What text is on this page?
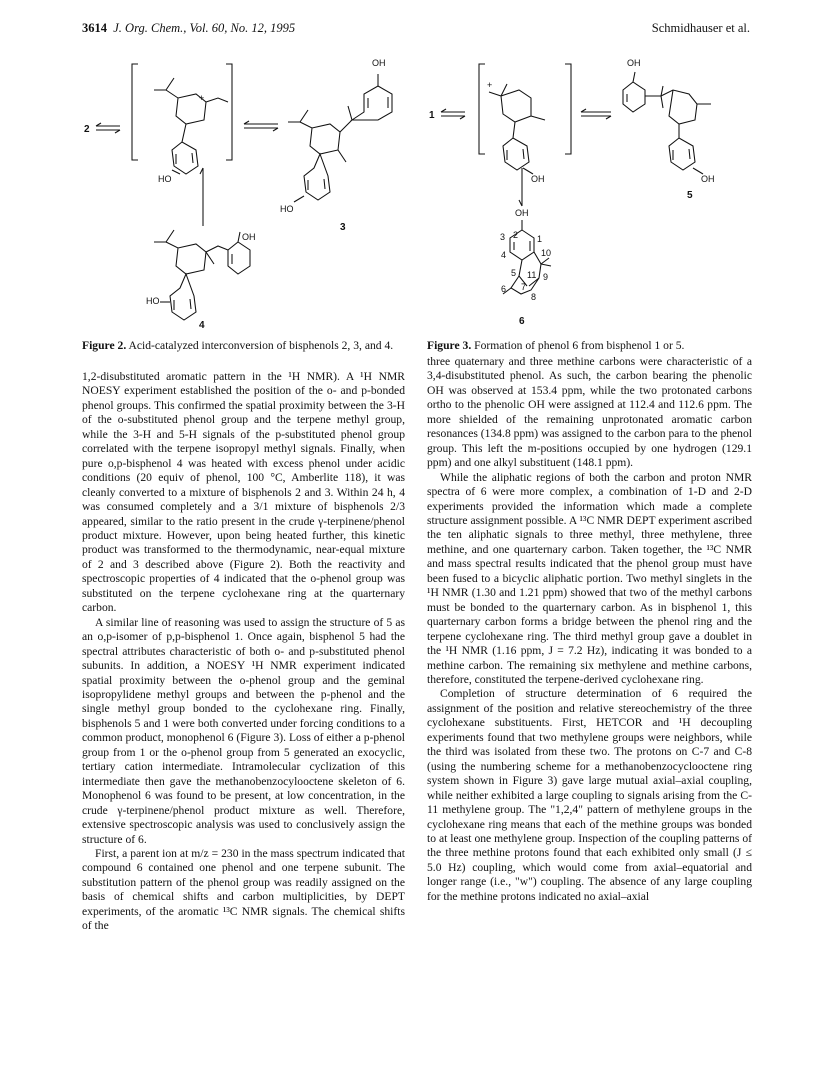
3614 J. Org. Chem., Vol. 60, No. 12, 1995	Schmidhauser et al.
2
+
HO
OH
HO
3
OH
HO
4
Figure 2. Acid-catalyzed interconversion of bisphenols 2, 3, and 4.
1
+
OH
OH
OH
5
OH
2
3	1
4	10
5 11 9
6 7
8
6
Figure 3. Formation of phenol 6 from bisphenol 1 or 5.

1,2-disubstituted aromatic pattern in the ¹H NMR). A ¹H NMR NOESY experiment established the position of the o- and p-bonded phenol groups. This confirmed the spatial proximity between the 3-H of the o-substituted phenol group and the terpene methyl group, while the 3-H and 5-H signals of the p-substituted phenol group correlated with the terpene isopropyl methyl signals. Finally, when pure o,p-bisphenol 4 was heated with excess phenol under acidic conditions (20 equiv of phenol, 100 °C, Amberlite 118), it was cleanly converted to a mixture of bisphenols 2 and 3. Within 24 h, 4 was consumed completely and a 3/1 mixture of bisphenols 2/3 appeared, similar to the ratio present in the crude γ-terpinene/phenol product mixture. However, upon being heated further, this kinetic product was transformed to the thermodynamic, near-equal mixture of 2 and 3 described above (Figure 2). Both the reactivity and spectroscopic properties of 4 indicated that the o-phenol group was substituted on the terpene cyclohexane ring at the quarternary carbon.

A similar line of reasoning was used to assign the structure of 5 as an o,p-isomer of p,p-bisphenol 1. Once again, bisphenol 5 had the spectral attributes characteristic of both o- and p-substituted phenol subunits. In addition, a NOESY ¹H NMR experiment indicated spatial proximity between the o-phenol group and the geminal isopropylidene methyl groups and between the p-phenol and the single methyl group bonded to the cyclohexane ring. Finally, bisphenols 5 and 1 were both converted under forcing conditions to a common product, monophenol 6 (Figure 3). Loss of either a p-phenol group from 1 or the o-phenol group from 5 generated an exocyclic, tertiary cation intermediate. Intramolecular cyclization of this intermediate then gave the methanobenzocylooctene skeleton of 6. Monophenol 6 was found to be present, at low concentration, in the crude γ-terpinene/phenol product mixture as well. Therefore, extensive spectroscopic analysis was used to conclusively assign the structure of 6.

First, a parent ion at m/z = 230 in the mass spectrum indicated that compound 6 contained one phenol and one terpene subunit. The substitution pattern of the phenol group was readily assigned on the basis of chemical shifts and carbon multiplicities, by DEPT experiments, of the aromatic ¹³C NMR signals. The chemical shifts of the

three quaternary and three methine carbons were characteristic of a 3,4-disubstituted phenol. As such, the carbon bearing the phenolic OH was observed at 153.4 ppm, while the two protonated carbons ortho to the phenolic OH were assigned at 112.4 and 112.6 ppm. The more shielded of the remaining unprotonated aromatic carbon resonances (134.8 ppm) was assigned to the carbon para to the phenol group. This left the m-positions occupied by one hydrogen (129.1 ppm) and one alkyl substituent (148.1 ppm).

While the aliphatic regions of both the carbon and proton NMR spectra of 6 were more complex, a combination of 1-D and 2-D experiments provided the information which made a complete structure assignment possible. A ¹³C NMR DEPT experiment ascribed the ten aliphatic signals to three methyl, three methylene, three methine, and one quarternary carbon. Taken together, the ¹³C NMR and mass spectral results indicated that the phenol group must have been fused to a bicyclic aliphatic portion. Two methyl singlets in the ¹H NMR (1.30 and 1.21 ppm) showed that two of the methyl carbons must be bonded to the quarternary carbon. As in bisphenol 1, this quarternary carbon forms a bridge between the phenol ring and the terpene cyclohexane ring. The third methyl group gave a doublet in the ¹H NMR (1.16 ppm, J = 7.2 Hz), indicating it was bonded to a methine carbon. The remaining six methylene and methine carbons, therefore, constituted the terpene-derived cyclohexane ring.

Completion of structure determination of 6 required the assignment of the position and relative stereochemistry of the three cyclohexane substituents. First, HETCOR and ¹H decoupling experiments found that two methylene groups were neighbors, while the third was isolated from these two. The protons on C-7 and C-8 (using the numbering scheme for a methanobenzocyclooctene ring system shown in Figure 3) gave large mutual axial–axial coupling, while neither exhibited a large coupling to signals arising from the C-11 methylene group. The "1,2,4" pattern of methylene groups in the cyclohexane ring means that each of the methine groups was bonded to at least one methylene group. Inspection of the coupling patterns of the three methine protons found that each exhibited only small (J ≤ 5.0 Hz) coupling, which would come from axial–equatorial and longer range (i.e., "w") coupling. The absence of any large coupling for the methine protons indicated no axial–axial
